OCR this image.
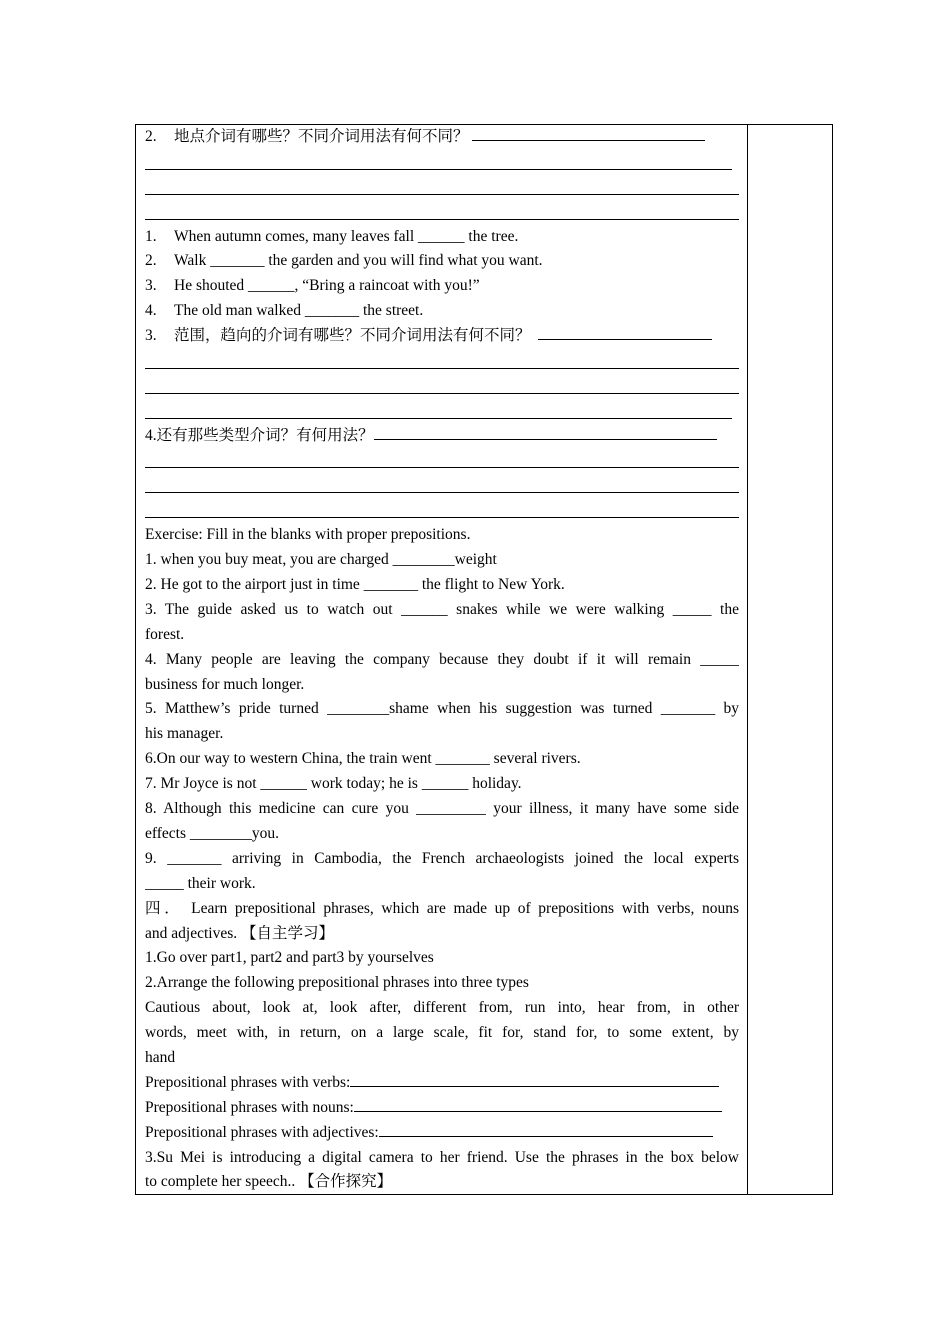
2. 地点介词有哪些？不同介词用法有何不同？
1. When autumn comes, many leaves fall ______ the tree.
2. Walk _______ the garden and you will find what you want.
3. He shouted ______, “Bring a raincoat with you!”
4. The old man walked _______ the street.
3. 范围，趋向的介词有哪些？不同介词用法有何不同？
4.还有那些类型介词？有何用法？
Exercise: Fill in the blanks with proper prepositions.
1. when you buy meat, you are charged ________weight
2. He got to the airport just in time _______ the flight to New York.
3. The guide asked us to watch out ______ snakes while we were walking _____ the
forest.
4. Many people are leaving the company because they doubt if it will remain _____
business for much longer.
5. Matthew’s pride turned ________shame when his suggestion was turned _______ by
his manager.
6.On our way to western China, the train went _______ several rivers.
7. Mr Joyce is not ______ work today; he is ______ holiday.
8. Although this medicine can cure you _________ your illness, it many have some side
effects ________you.
9. _______ arriving in Cambodia, the French archaeologists joined the local experts
_____ their work.
四． Learn prepositional phrases, which are made up of prepositions with verbs, nouns
and adjectives. 【自主学习】
1.Go over part1, part2 and part3 by yourselves
2.Arrange the following prepositional phrases into three types
Cautious about, look at, look after, different from, run into, hear from, in other
words, meet with, in return, on a large scale, fit for, stand for, to some extent, by
hand
Prepositional phrases with verbs:
Prepositional phrases with nouns:
Prepositional phrases with adjectives:
3.Su Mei is introducing a digital camera to her friend. Use the phrases in the box below
to complete her speech.. 【合作探究】
